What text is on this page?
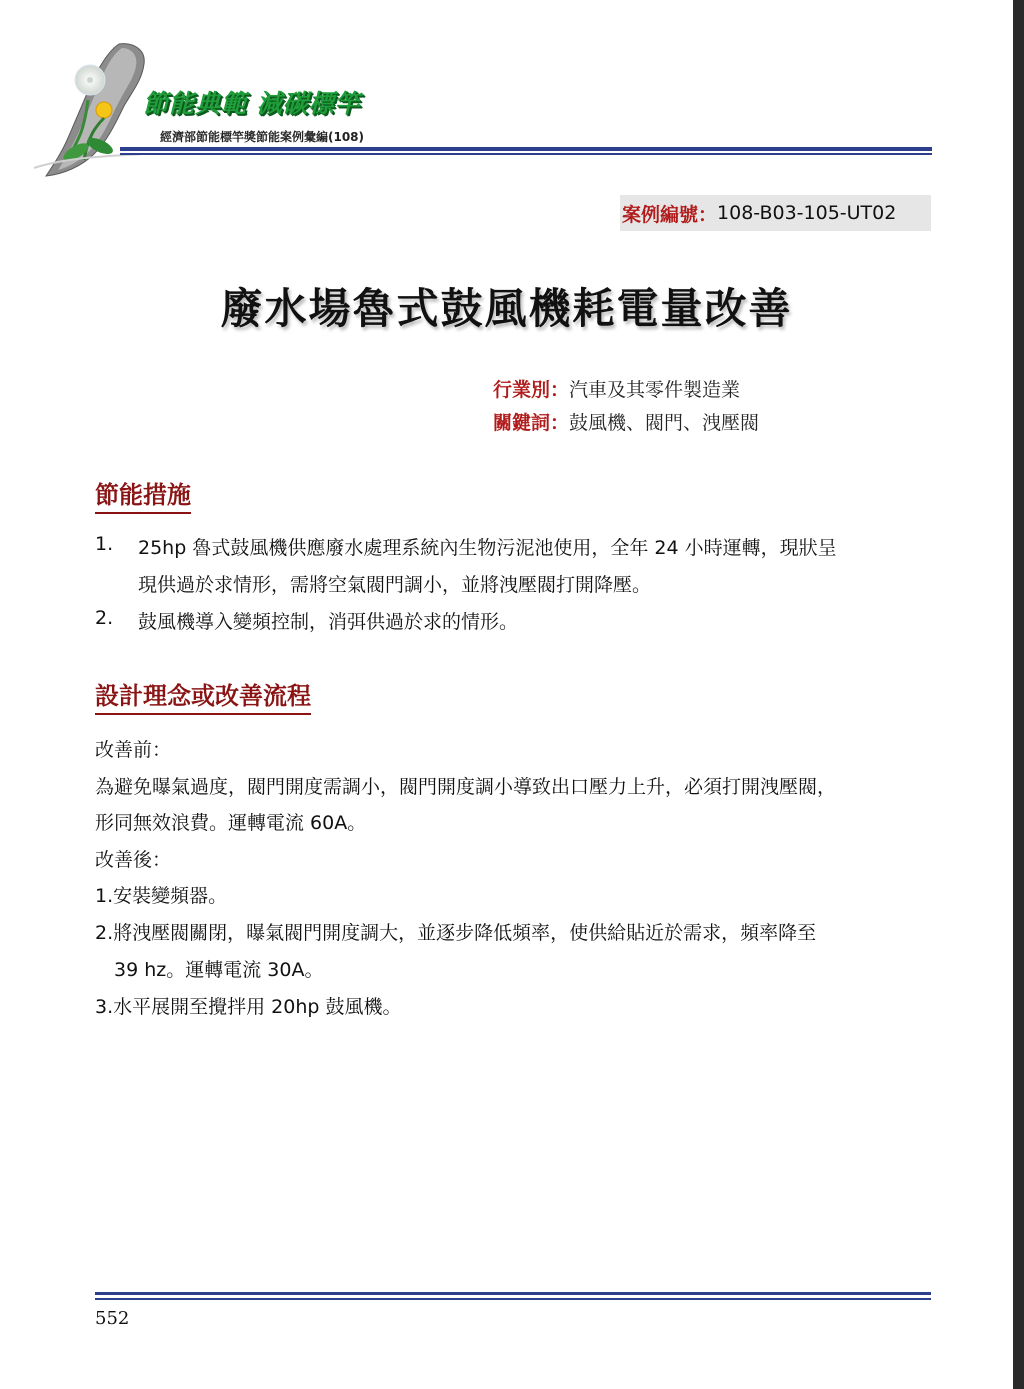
節能典範 減碳標竿
經濟部節能標竿獎節能案例彙編(108)
案例編號： 108-B03-105-UT02
廢水場魯式鼓風機耗電量改善
行業別：汽車及其零件製造業
關鍵詞：鼓風機、閥門、洩壓閥
節能措施
1. 25hp 魯式鼓風機供應廢水處理系統內生物污泥池使用，全年 24 小時運轉，現狀呈
現供過於求情形，需將空氣閥門調小，並將洩壓閥打開降壓。
2. 鼓風機導入變頻控制，消弭供過於求的情形。
設計理念或改善流程
改善前：
為避免曝氣過度，閥門開度需調小，閥門開度調小導致出口壓力上升，必須打開洩壓閥，
形同無效浪費。運轉電流 60A。
改善後：
1.安裝變頻器。
2.將洩壓閥關閉，曝氣閥門開度調大，並逐步降低頻率，使供給貼近於需求，頻率降至
39 hz。運轉電流 30A。
3.水平展開至攪拌用 20hp 鼓風機。
552
